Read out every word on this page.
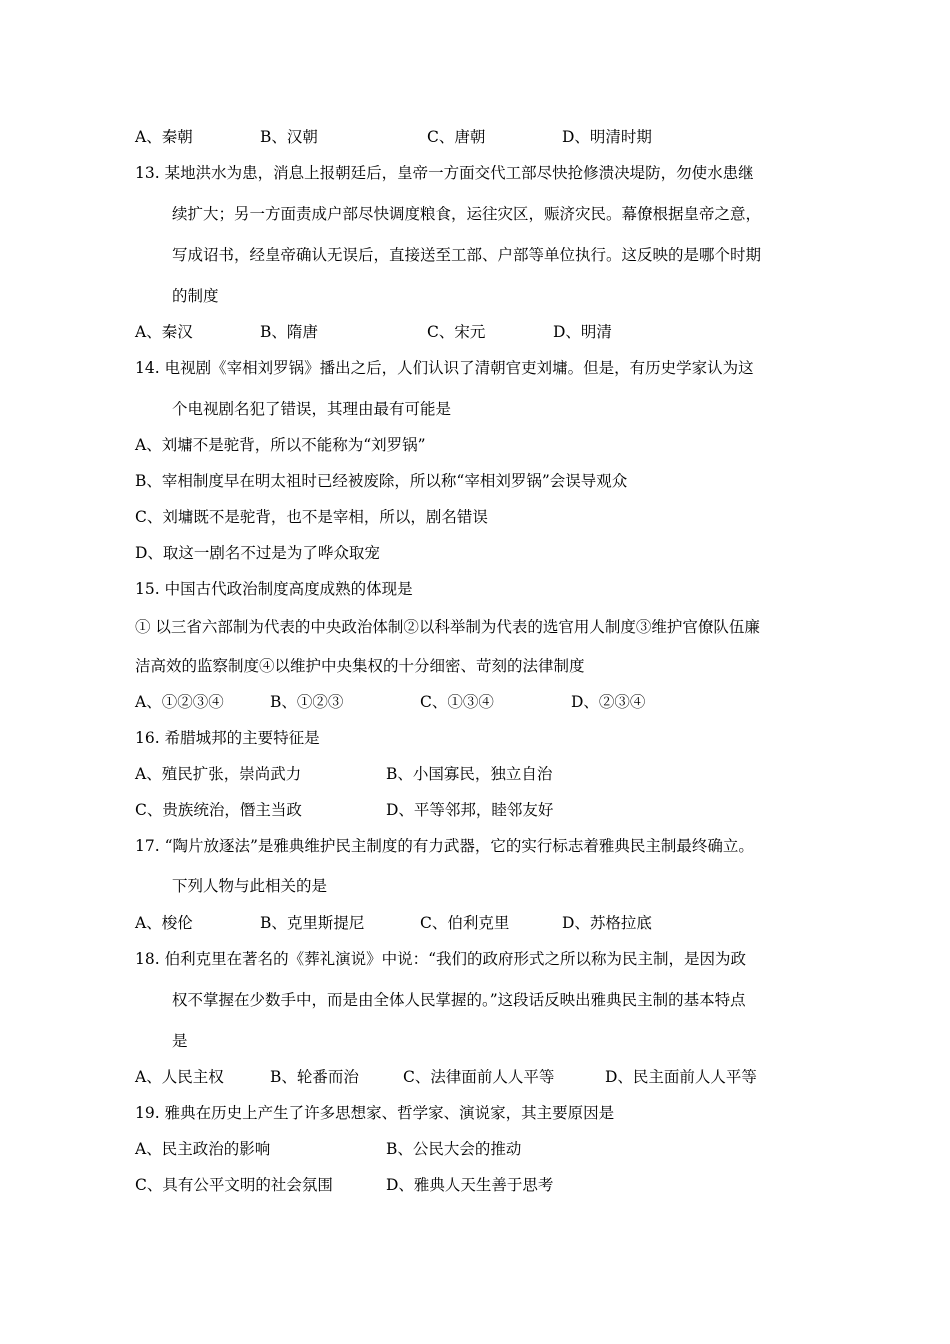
A、秦朝	B、汉朝	C、唐朝	D、明清时期
13. 某地洪水为患，消息上报朝廷后，皇帝一方面交代工部尽快抢修溃决堤防，勿使水患继
续扩大；另一方面责成户部尽快调度粮食，运往灾区，赈济灾民。幕僚根据皇帝之意，
写成诏书，经皇帝确认无误后，直接送至工部、户部等单位执行。这反映的是哪个时期
的制度
A、秦汉	B、隋唐	C、宋元	D、明清
14. 电视剧《宰相刘罗锅》播出之后，人们认识了清朝官吏刘墉。但是，有历史学家认为这
个电视剧名犯了错误，其理由最有可能是
A、刘墉不是驼背，所以不能称为“刘罗锅”
B、宰相制度早在明太祖时已经被废除，所以称“宰相刘罗锅”会误导观众
C、刘墉既不是驼背，也不是宰相，所以，剧名错误
D、取这一剧名不过是为了哗众取宠
15. 中国古代政治制度高度成熟的体现是
① 以三省六部制为代表的中央政治体制②以科举制为代表的选官用人制度③维护官僚队伍廉
洁高效的监察制度④以维护中央集权的十分细密、苛刻的法律制度
A、①②③④	B、①②③	C、①③④	D、②③④
16. 希腊城邦的主要特征是
A、殖民扩张，崇尚武力	B、小国寡民，独立自治
C、贵族统治，僭主当政	D、平等邻邦，睦邻友好
17. “陶片放逐法”是雅典维护民主制度的有力武器，它的实行标志着雅典民主制最终确立。
下列人物与此相关的是
A、梭伦	B、克里斯提尼	C、伯利克里	D、苏格拉底
18. 伯利克里在著名的《葬礼演说》中说：“我们的政府形式之所以称为民主制，是因为政
权不掌握在少数手中，而是由全体人民掌握的。”这段话反映出雅典民主制的基本特点
是
A、人民主权	B、轮番而治	C、法律面前人人平等	D、民主面前人人平等
19. 雅典在历史上产生了许多思想家、哲学家、演说家，其主要原因是
A、民主政治的影响	B、公民大会的推动
C、具有公平文明的社会氛围	D、雅典人天生善于思考
